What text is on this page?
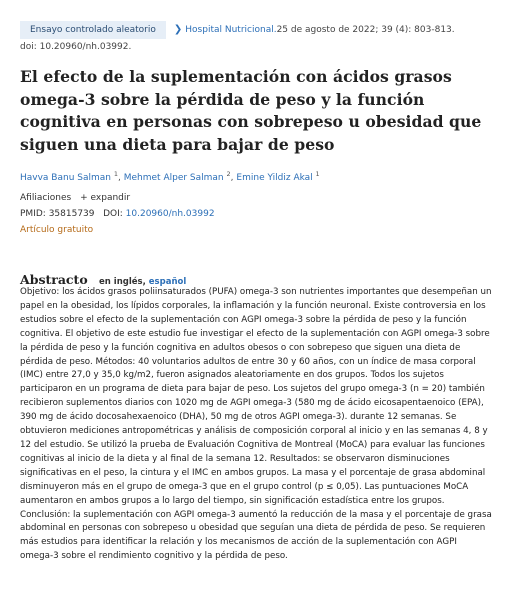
Ensayo controlado aleatorio ❯ Hospital Nutricional.25 de agosto de 2022; 39 (4): 803-813.
doi: 10.20960/nh.03992.
El efecto de la suplementación con ácidos grasos omega-3 sobre la pérdida de peso y la función cognitiva en personas con sobrepeso u obesidad que siguen una dieta para bajar de peso
Havva Banu Salman $^1$, Mehmet Alper Salman $^2$, Emine Yildiz Akal $^1$
Afiliaciones + expandir
PMID: 35815739 DOI: 10.20960/nh.03992
Artículo gratuito
Abstracto en inglés, español

Objetivo: los ácidos grasos poliinsaturados (PUFA) omega-3 son nutrientes importantes que desempeñan un papel en la obesidad, los lípidos corporales, la inflamación y la función neuronal. Existe controversia en los estudios sobre el efecto de la suplementación con AGPI omega-3 sobre la pérdida de peso y la función cognitiva. El objetivo de este estudio fue investigar el efecto de la suplementación con AGPI omega-3 sobre la pérdida de peso y la función cognitiva en adultos obesos o con sobrepeso que siguen una dieta de pérdida de peso. Métodos: 40 voluntarios adultos de entre 30 y 60 años, con un índice de masa corporal (IMC) entre 27,0 y 35,0 kg/m2, fueron asignados aleatoriamente en dos grupos. Todos los sujetos participaron en un programa de dieta para bajar de peso. Los sujetos del grupo omega-3 (n = 20) también recibieron suplementos diarios con 1020 mg de AGPI omega-3 (580 mg de ácido eicosapentaenoico (EPA), 390 mg de ácido docosahexaenoico (DHA), 50 mg de otros AGPI omega-3). durante 12 semanas. Se obtuvieron mediciones antropométricas y análisis de composición corporal al inicio y en las semanas 4, 8 y 12 del estudio. Se utilizó la prueba de Evaluación Cognitiva de Montreal (MoCA) para evaluar las funciones cognitivas al inicio de la dieta y al final de la semana 12. Resultados: se observaron disminuciones significativas en el peso, la cintura y el IMC en ambos grupos. La masa y el porcentaje de grasa abdominal disminuyeron más en el grupo de omega-3 que en el grupo control (p ≤ 0,05). Las puntuaciones MoCA aumentaron en ambos grupos a lo largo del tiempo, sin significación estadística entre los grupos. Conclusión: la suplementación con AGPI omega-3 aumentó la reducción de la masa y el porcentaje de grasa abdominal en personas con sobrepeso u obesidad que seguían una dieta de pérdida de peso. Se requieren más estudios para identificar la relación y los mecanismos de acción de la suplementación con AGPI omega-3 sobre el rendimiento cognitivo y la pérdida de peso.
